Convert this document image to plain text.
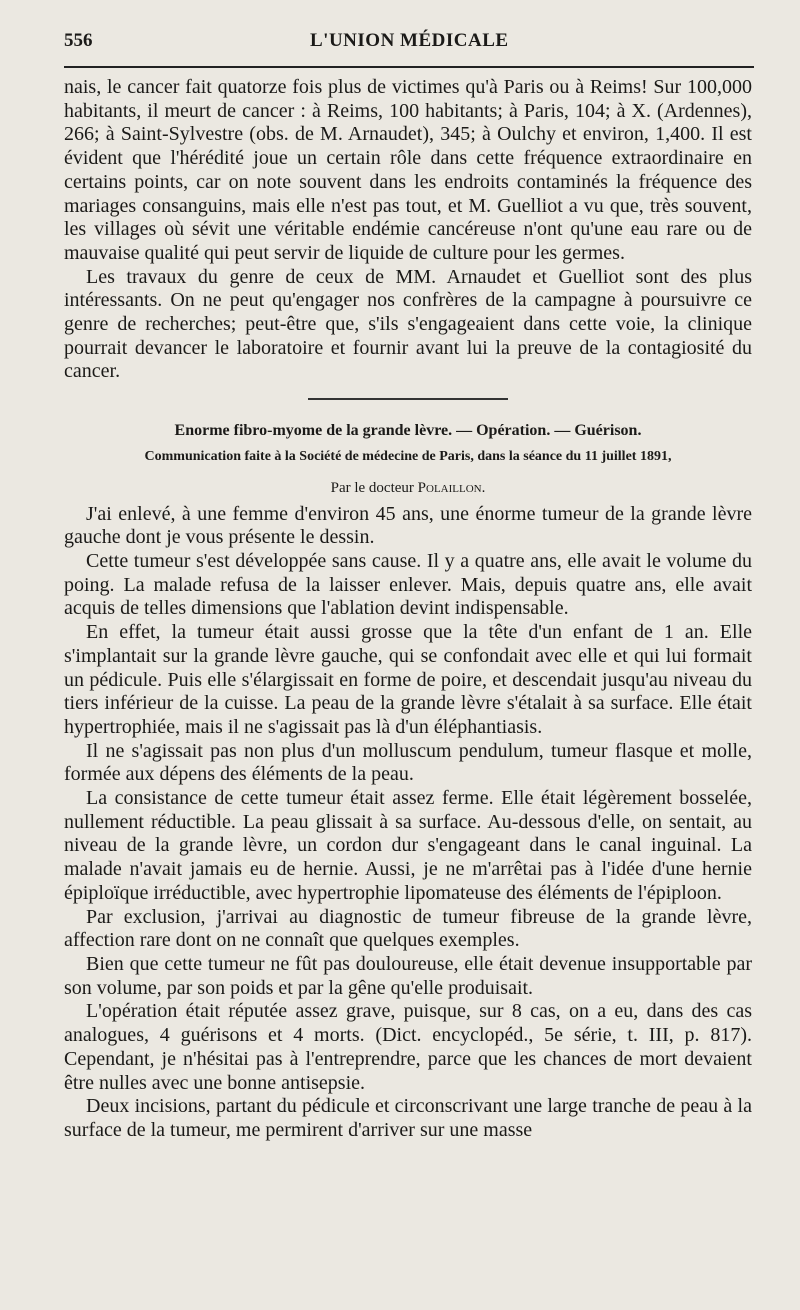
556	L'UNION MÉDICALE

nais, le cancer fait quatorze fois plus de victimes qu'à Paris ou à Reims! Sur 100,000 habitants, il meurt de cancer : à Reims, 100 habitants; à Paris, 104; à X. (Ardennes), 266; à Saint-Sylvestre (obs. de M. Arnaudet), 345; à Oulchy et environ, 1,400. Il est évident que l'hérédité joue un certain rôle dans cette fréquence extraordinaire en certains points, car on note souvent dans les endroits contaminés la fréquence des mariages consanguins, mais elle n'est pas tout, et M. Guelliot a vu que, très souvent, les villages où sévit une véritable endémie cancéreuse n'ont qu'une eau rare ou de mauvaise qualité qui peut servir de liquide de culture pour les germes.

Les travaux du genre de ceux de MM. Arnaudet et Guelliot sont des plus intéressants. On ne peut qu'engager nos confrères de la campagne à poursuivre ce genre de recherches; peut-être que, s'ils s'engageaient dans cette voie, la clinique pourrait devancer le laboratoire et fournir avant lui la preuve de la contagiosité du cancer.

Enorme fibro-myome de la grande lèvre. — Opération. — Guérison.
Communication faite à la Société de médecine de Paris, dans la séance du 11 juillet 1891,
Par le docteur Polaillon.

J'ai enlevé, à une femme d'environ 45 ans, une énorme tumeur de la grande lèvre gauche dont je vous présente le dessin.

Cette tumeur s'est développée sans cause. Il y a quatre ans, elle avait le volume du poing. La malade refusa de la laisser enlever. Mais, depuis quatre ans, elle avait acquis de telles dimensions que l'ablation devint indispensable.

En effet, la tumeur était aussi grosse que la tête d'un enfant de 1 an. Elle s'implantait sur la grande lèvre gauche, qui se confondait avec elle et qui lui formait un pédicule. Puis elle s'élargissait en forme de poire, et descendait jusqu'au niveau du tiers inférieur de la cuisse. La peau de la grande lèvre s'étalait à sa surface. Elle était hypertrophiée, mais il ne s'agissait pas là d'un éléphantiasis.

Il ne s'agissait pas non plus d'un molluscum pendulum, tumeur flasque et molle, formée aux dépens des éléments de la peau.

La consistance de cette tumeur était assez ferme. Elle était légèrement bosselée, nullement réductible. La peau glissait à sa surface. Au-dessous d'elle, on sentait, au niveau de la grande lèvre, un cordon dur s'engageant dans le canal inguinal. La malade n'avait jamais eu de hernie. Aussi, je ne m'arrêtai pas à l'idée d'une hernie épiploïque irréductible, avec hypertrophie lipomateuse des éléments de l'épiploon.

Par exclusion, j'arrivai au diagnostic de tumeur fibreuse de la grande lèvre, affection rare dont on ne connaît que quelques exemples.

Bien que cette tumeur ne fût pas douloureuse, elle était devenue insupportable par son volume, par son poids et par la gêne qu'elle produisait.

L'opération était réputée assez grave, puisque, sur 8 cas, on a eu, dans des cas analogues, 4 guérisons et 4 morts. (Dict. encyclopéd., 5e série, t. III, p. 817). Cependant, je n'hésitai pas à l'entreprendre, parce que les chances de mort devaient être nulles avec une bonne antisepsie.

Deux incisions, partant du pédicule et circonscrivant une large tranche de peau à la surface de la tumeur, me permirent d'arriver sur une masse
